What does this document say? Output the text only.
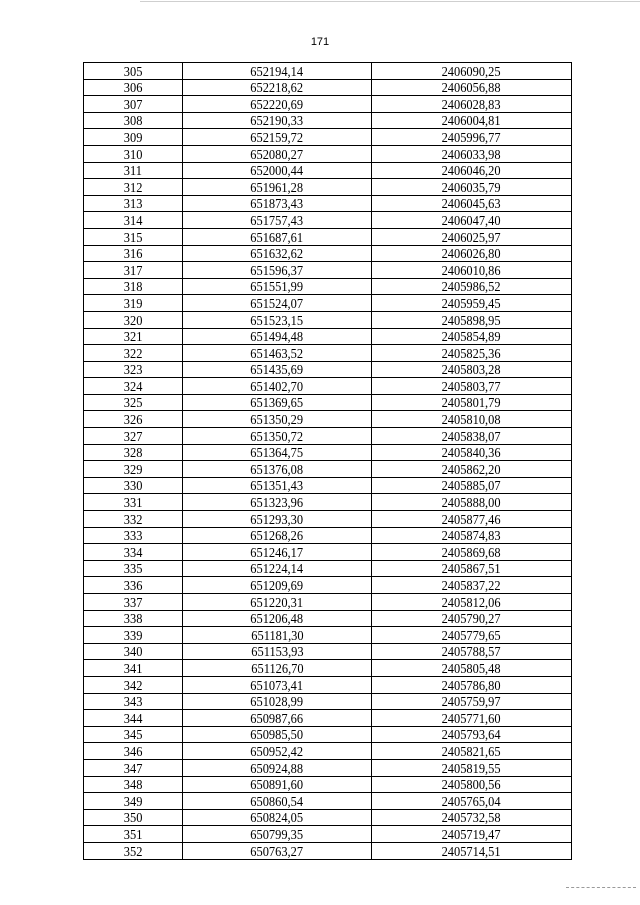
171
305	652194,14	2406090,25
306	652218,62	2406056,88
307	652220,69	2406028,83
308	652190,33	2406004,81
309	652159,72	2405996,77
310	652080,27	2406033,98
311	652000,44	2406046,20
312	651961,28	2406035,79
313	651873,43	2406045,63
314	651757,43	2406047,40
315	651687,61	2406025,97
316	651632,62	2406026,80
317	651596,37	2406010,86
318	651551,99	2405986,52
319	651524,07	2405959,45
320	651523,15	2405898,95
321	651494,48	2405854,89
322	651463,52	2405825,36
323	651435,69	2405803,28
324	651402,70	2405803,77
325	651369,65	2405801,79
326	651350,29	2405810,08
327	651350,72	2405838,07
328	651364,75	2405840,36
329	651376,08	2405862,20
330	651351,43	2405885,07
331	651323,96	2405888,00
332	651293,30	2405877,46
333	651268,26	2405874,83
334	651246,17	2405869,68
335	651224,14	2405867,51
336	651209,69	2405837,22
337	651220,31	2405812,06
338	651206,48	2405790,27
339	651181,30	2405779,65
340	651153,93	2405788,57
341	651126,70	2405805,48
342	651073,41	2405786,80
343	651028,99	2405759,97
344	650987,66	2405771,60
345	650985,50	2405793,64
346	650952,42	2405821,65
347	650924,88	2405819,55
348	650891,60	2405800,56
349	650860,54	2405765,04
350	650824,05	2405732,58
351	650799,35	2405719,47
352	650763,27	2405714,51
